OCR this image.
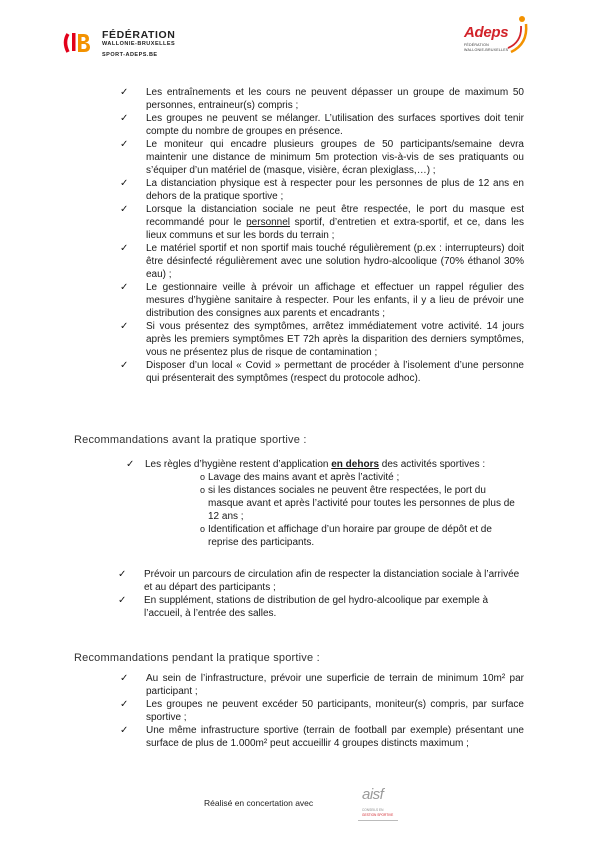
FÉDÉRATION
WALLONIE-BRUXELLES
SPORT-ADEPS.BE
Adeps
FÉDÉRATION
WALLONIE-BRUXELLES
✓ Les entraînements et les cours ne peuvent dépasser un groupe de maximum 50 personnes, entraineur(s) compris ;
✓ Les groupes ne peuvent se mélanger. L’utilisation des surfaces sportives doit tenir compte du nombre de groupes en présence.
✓ Le moniteur qui encadre plusieurs groupes de 50 participants/semaine devra maintenir une distance de minimum 5m protection vis-à-vis de ses pratiquants ou s’équiper d’un matériel de (masque, visière, écran plexiglass,…) ;
✓ La distanciation physique est à respecter pour les personnes de plus de 12 ans en dehors de la pratique sportive ;
✓ Lorsque la distanciation sociale ne peut être respectée, le port du masque est recommandé pour le personnel sportif, d’entretien et extra-sportif, et ce, dans les lieux communs et sur les bords du terrain ;
✓ Le matériel sportif et non sportif mais touché régulièrement (p.ex : interrupteurs) doit être désinfecté régulièrement avec une solution hydro-alcoolique (70% éthanol 30% eau) ;
✓ Le gestionnaire veille à prévoir un affichage et effectuer un rappel régulier des mesures d’hygiène sanitaire à respecter. Pour les enfants, il y a lieu de prévoir une distribution des consignes aux parents et encadrants ;
✓ Si vous présentez des symptômes, arrêtez immédiatement votre activité. 14 jours après les premiers symptômes ET 72h après la disparition des derniers symptômes, vous ne présentez plus de risque de contamination ;
✓ Disposer d’un local « Covid » permettant de procéder à l’isolement d’une personne qui présenterait des symptômes (respect du protocole adhoc).
Recommandations avant la pratique sportive :
✓ Les règles d’hygiène restent d’application en dehors des activités sportives :
o Lavage des mains avant et après l’activité ;
o si les distances sociales ne peuvent être respectées, le port du masque avant et après l’activité pour toutes les personnes de plus de 12 ans ;
o Identification et affichage d’un horaire par groupe de dépôt et de reprise des participants.
✓ Prévoir un parcours de circulation afin de respecter la distanciation sociale à l’arrivée et au départ des participants ;
✓ En supplément, stations de distribution de gel hydro-alcoolique par exemple à l’accueil, à l’entrée des salles.
Recommandations pendant la pratique sportive :
✓ Au sein de l’infrastructure, prévoir une superficie de terrain de minimum 10m² par participant ;
✓ Les groupes ne peuvent excéder 50 participants, moniteur(s) compris, par surface sportive ;
✓ Une même infrastructure sportive (terrain de football par exemple) présentant une surface de plus de 1.000m² peut accueillir 4 groupes distincts maximum ;
Réalisé en concertation avec	aisf
CONSEILS EN
GESTION SPORTIVE
